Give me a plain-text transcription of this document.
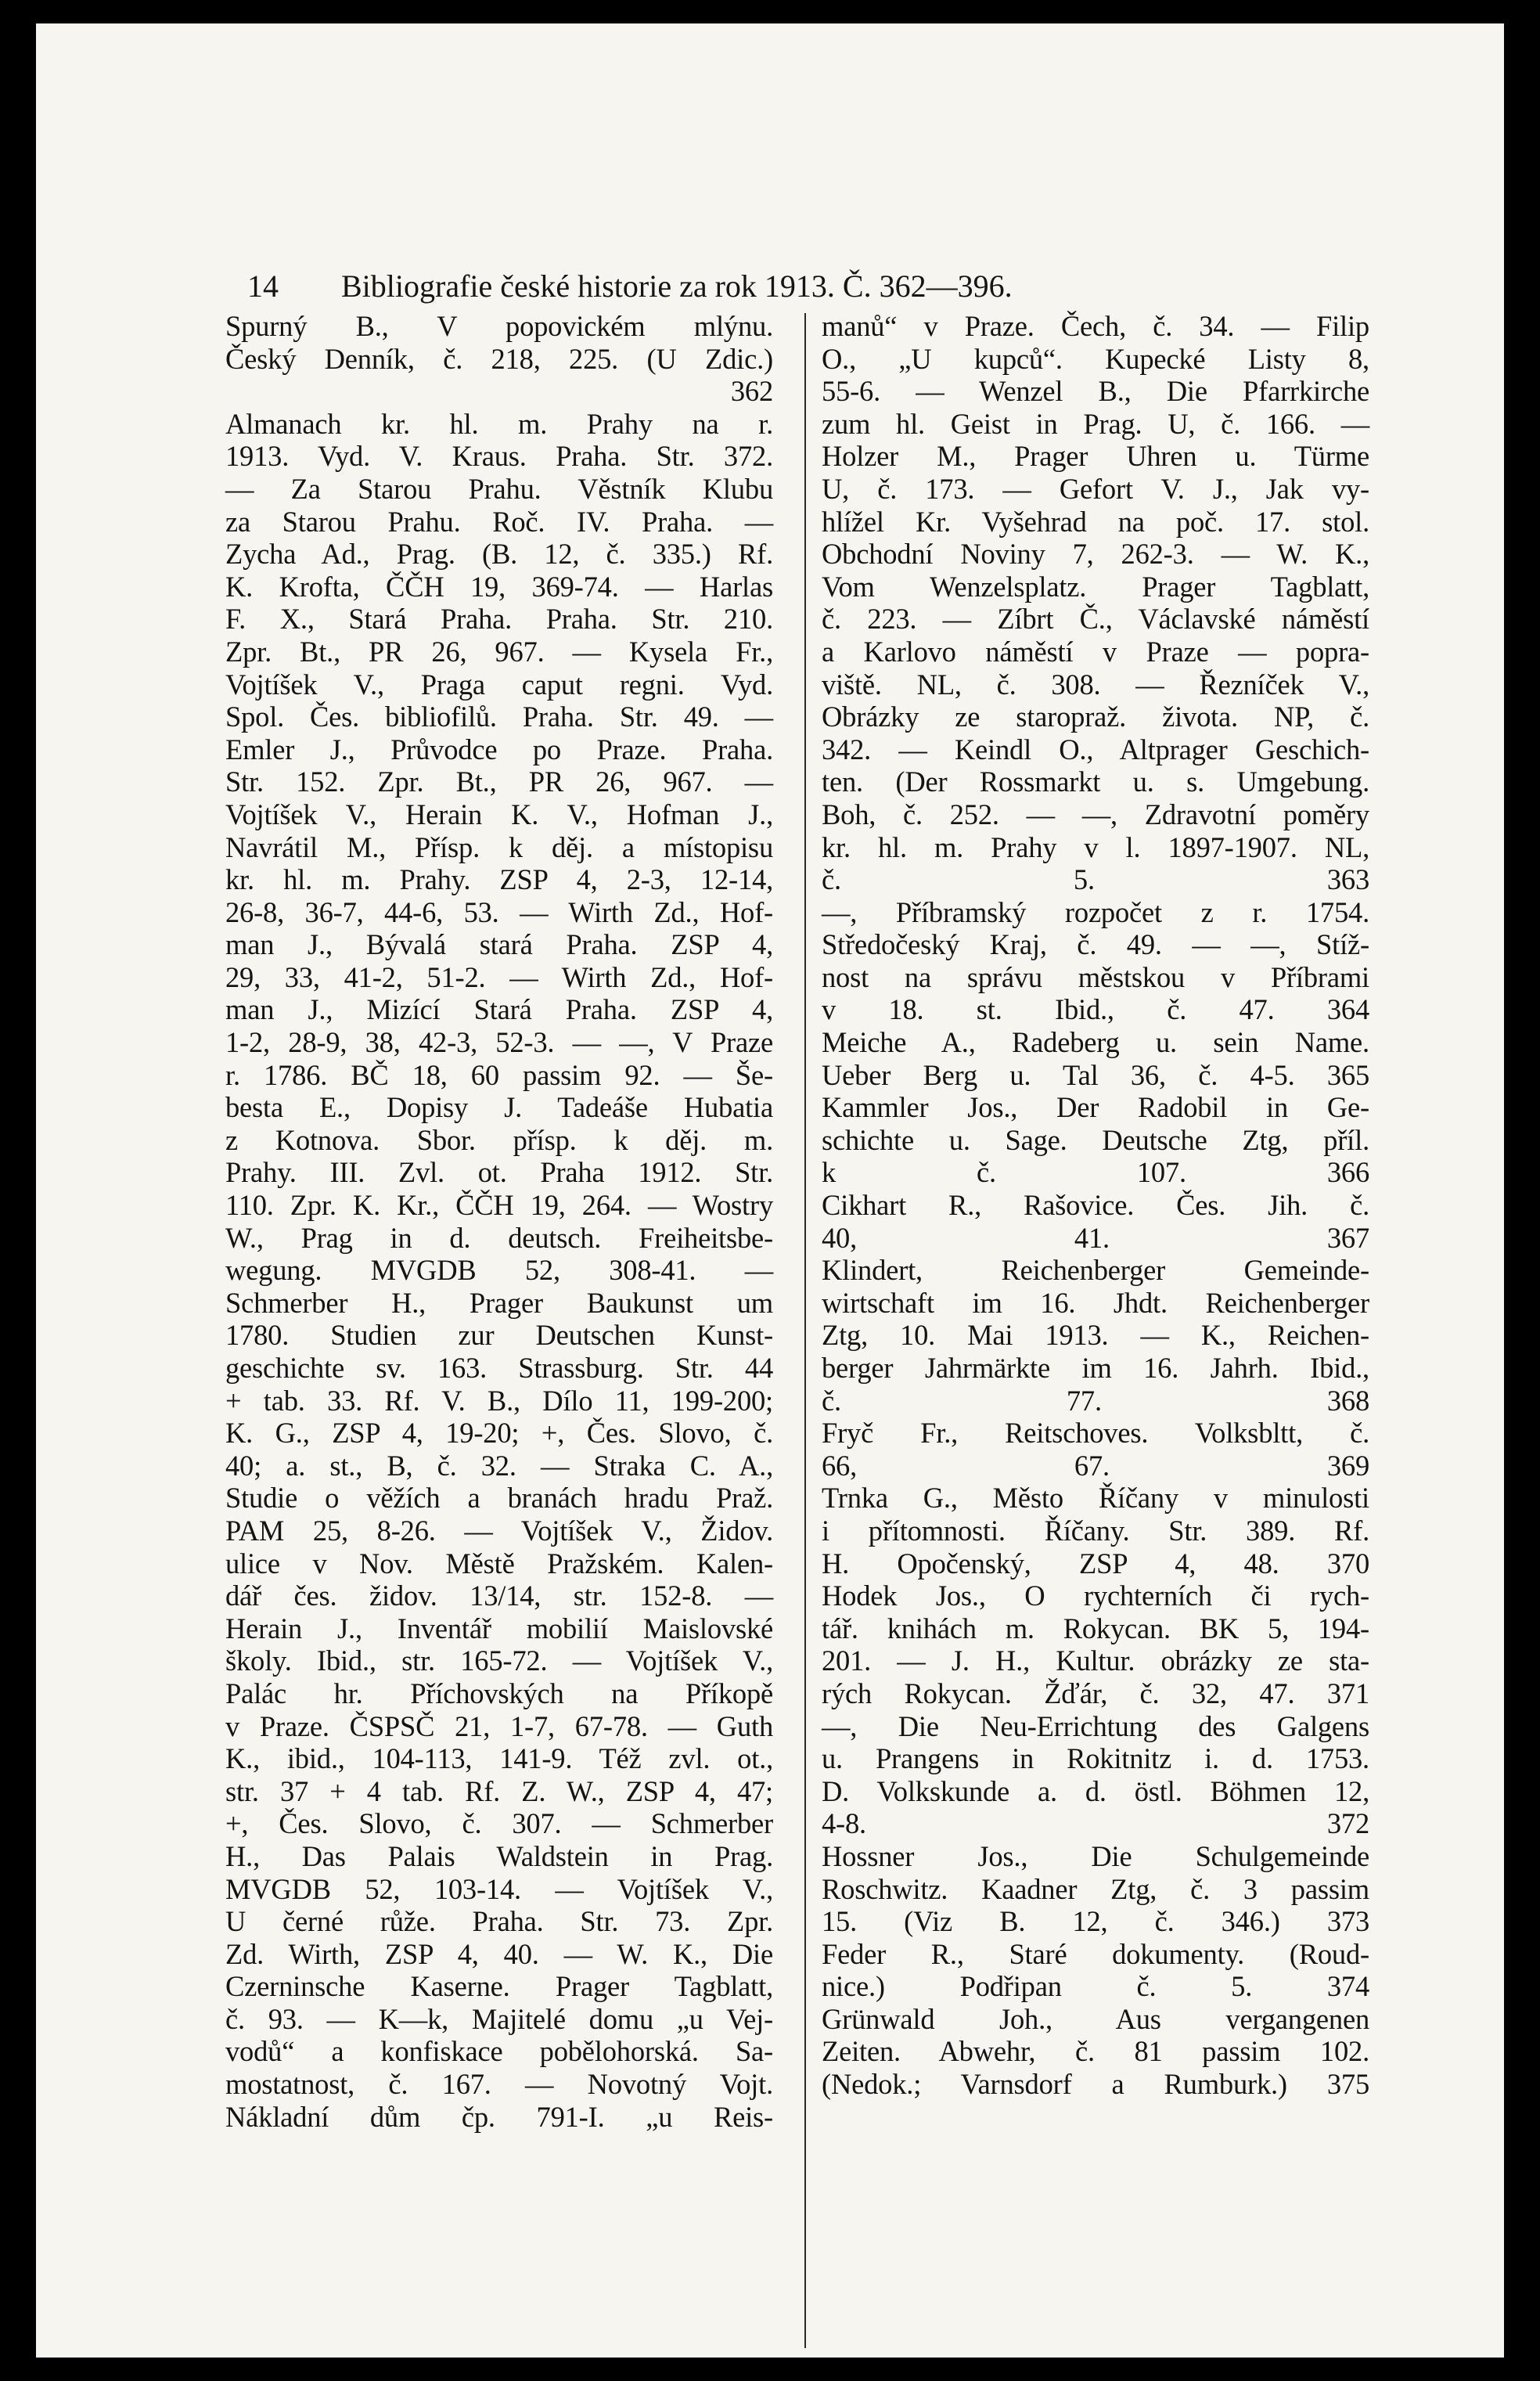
14 Bibliografie české historie za rok 1913. Č. 362—396.
Spurný B., V popovickém mlýnu.
Český Denník, č. 218, 225. (U Zdic.)
362
Almanach kr. hl. m. Prahy na r.
1913. Vyd. V. Kraus. Praha. Str. 372.
— Za Starou Prahu. Věstník Klubu
za Starou Prahu. Roč. IV. Praha. —
Zycha Ad., Prag. (B. 12, č. 335.) Rf.
K. Krofta, ČČH 19, 369-74. — Harlas
F. X., Stará Praha. Praha. Str. 210.
Zpr. Bt., PR 26, 967. — Kysela Fr.,
Vojtíšek V., Praga caput regni. Vyd.
Spol. Čes. bibliofilů. Praha. Str. 49. —
Emler J., Průvodce po Praze. Praha.
Str. 152. Zpr. Bt., PR 26, 967. —
Vojtíšek V., Herain K. V., Hofman J.,
Navrátil M., Přísp. k děj. a místopisu
kr. hl. m. Prahy. ZSP 4, 2-3, 12-14,
26-8, 36-7, 44-6, 53. — Wirth Zd., Hof-
man J., Bývalá stará Praha. ZSP 4,
29, 33, 41-2, 51-2. — Wirth Zd., Hof-
man J., Mizící Stará Praha. ZSP 4,
1-2, 28-9, 38, 42-3, 52-3. — —, V Praze
r. 1786. BČ 18, 60 passim 92. — Še-
besta E., Dopisy J. Tadeáše Hubatia
z Kotnova. Sbor. přísp. k děj. m.
Prahy. III. Zvl. ot. Praha 1912. Str.
110. Zpr. K. Kr., ČČH 19, 264. — Wostry
W., Prag in d. deutsch. Freiheitsbe-
wegung. MVGDB 52, 308-41. —
Schmerber H., Prager Baukunst um
1780. Studien zur Deutschen Kunst-
geschichte sv. 163. Strassburg. Str. 44
+ tab. 33. Rf. V. B., Dílo 11, 199-200;
K. G., ZSP 4, 19-20; +, Čes. Slovo, č.
40; a. st., B, č. 32. — Straka C. A.,
Studie o věžích a branách hradu Praž.
PAM 25, 8-26. — Vojtíšek V., Židov.
ulice v Nov. Městě Pražském. Kalen-
dář čes. židov. 13/14, str. 152-8. —
Herain J., Inventář mobilií Maislovské
školy. Ibid., str. 165-72. — Vojtíšek V.,
Palác hr. Příchovských na Příkopě
v Praze. ČSPSČ 21, 1-7, 67-78. — Guth
K., ibid., 104-113, 141-9. Též zvl. ot.,
str. 37 + 4 tab. Rf. Z. W., ZSP 4, 47;
+, Čes. Slovo, č. 307. — Schmerber
H., Das Palais Waldstein in Prag.
MVGDB 52, 103-14. — Vojtíšek V.,
U černé růže. Praha. Str. 73. Zpr.
Zd. Wirth, ZSP 4, 40. — W. K., Die
Czerninsche Kaserne. Prager Tagblatt,
č. 93. — K—k, Majitelé domu „u Vej-
vodů“ a konfiskace pobělohorská. Sa-
mostatnost, č. 167. — Novotný Vojt.
Nákladní dům čp. 791-I. „u Reis-
manů“ v Praze. Čech, č. 34. — Filip
O., „U kupců“. Kupecké Listy 8,
55-6. — Wenzel B., Die Pfarrkirche
zum hl. Geist in Prag. U, č. 166. —
Holzer M., Prager Uhren u. Türme
U, č. 173. — Gefort V. J., Jak vy-
hlížel Kr. Vyšehrad na poč. 17. stol.
Obchodní Noviny 7, 262-3. — W. K.,
Vom Wenzelsplatz. Prager Tagblatt,
č. 223. — Zíbrt Č., Václavské náměstí
a Karlovo náměstí v Praze — popra-
viště. NL, č. 308. — Řezníček V.,
Obrázky ze staropraž. života. NP, č.
342. — Keindl O., Altprager Geschich-
ten. (Der Rossmarkt u. s. Umgebung.
Boh, č. 252. — —, Zdravotní poměry
kr. hl. m. Prahy v l. 1897-1907. NL,
č. 5. 363
—, Příbramský rozpočet z r. 1754.
Středočeský Kraj, č. 49. — —, Stíž-
nost na správu městskou v Příbrami
v 18. st. Ibid., č. 47. 364
Meiche A., Radeberg u. sein Name.
Ueber Berg u. Tal 36, č. 4-5. 365
Kammler Jos., Der Radobil in Ge-
schichte u. Sage. Deutsche Ztg, příl.
k č. 107. 366
Cikhart R., Rašovice. Čes. Jih. č.
40, 41. 367
Klindert, Reichenberger Gemeinde-
wirtschaft im 16. Jhdt. Reichenberger
Ztg, 10. Mai 1913. — K., Reichen-
berger Jahrmärkte im 16. Jahrh. Ibid.,
č. 77. 368
Fryč Fr., Reitschoves. Volksbltt, č.
66, 67. 369
Trnka G., Město Říčany v minulosti
i přítomnosti. Říčany. Str. 389. Rf.
H. Opočenský, ZSP 4, 48. 370
Hodek Jos., O rychterních či rych-
tář. knihách m. Rokycan. BK 5, 194-
201. — J. H., Kultur. obrázky ze sta-
rých Rokycan. Žďár, č. 32, 47. 371
—, Die Neu-Errichtung des Galgens
u. Prangens in Rokitnitz i. d. 1753.
D. Volkskunde a. d. östl. Böhmen 12,
4-8. 372
Hossner Jos., Die Schulgemeinde
Roschwitz. Kaadner Ztg, č. 3 passim
15. (Viz B. 12, č. 346.) 373
Feder R., Staré dokumenty. (Roud-
nice.) Podřipan č. 5. 374
Grünwald Joh., Aus vergangenen
Zeiten. Abwehr, č. 81 passim 102.
(Nedok.; Varnsdorf a Rumburk.) 375
